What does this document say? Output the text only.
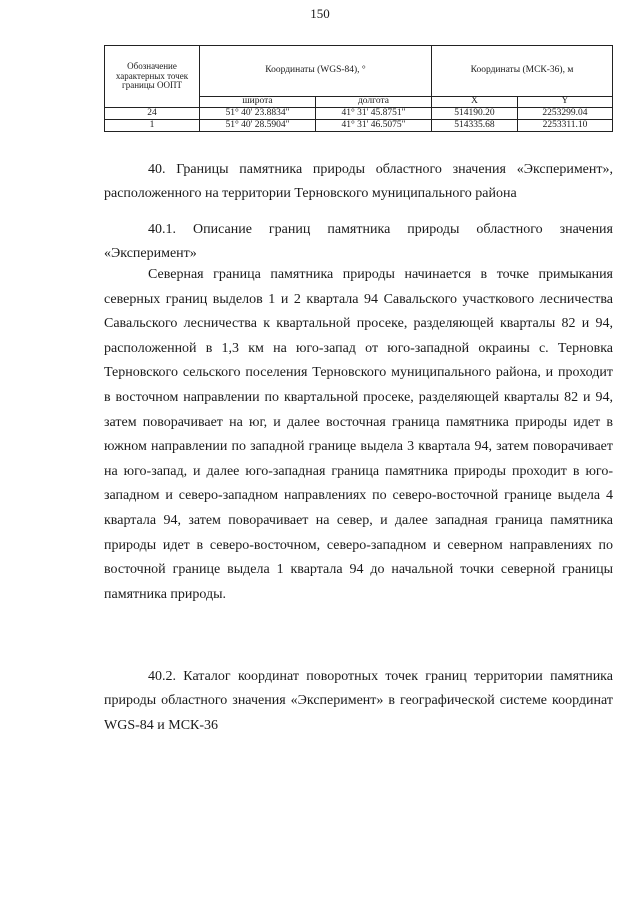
150
Обозначение характерных точек границы ООПТ	Координаты (WGS-84), °		Координаты (МСК-36), м	
	широта	долгота	X	Y
24	51° 40' 23.8834"	41° 31' 45.8751"	514190.20	2253299.04
1	51° 40' 28.5904"	41° 31' 46.5075"	514335.68	2253311.10

40. Границы памятника природы областного значения «Эксперимент», расположенного на территории Терновского муниципального района

40.1. Описание границ памятника природы областного значения «Эксперимент»

Северная граница памятника природы начинается в точке примыкания северных границ выделов 1 и 2 квартала 94 Савальского участкового лесничества Савальского лесничества к квартальной просеке, разделяющей кварталы 82 и 94, расположенной в 1,3 км на юго-запад от юго-западной окраины с. Терновка Терновского сельского поселения Терновского муниципального района, и проходит в восточном направлении по квартальной просеке, разделяющей кварталы 82 и 94, затем поворачивает на юг, и далее восточная граница памятника природы идет в южном направлении по западной границе выдела 3 квартала 94, затем поворачивает на юго-запад, и далее юго-западная граница памятника природы проходит в юго-западном и северо-западном направлениях по северо-восточной границе выдела 4 квартала 94, затем поворачивает на север, и далее западная граница памятника природы идет в северо-восточном, северо-западном и северном направлениях по восточной границе выдела 1 квартала 94 до начальной точки северной границы памятника природы.

40.2. Каталог координат поворотных точек границ территории памятника природы областного значения «Эксперимент» в географической системе координат WGS-84 и МСК-36
